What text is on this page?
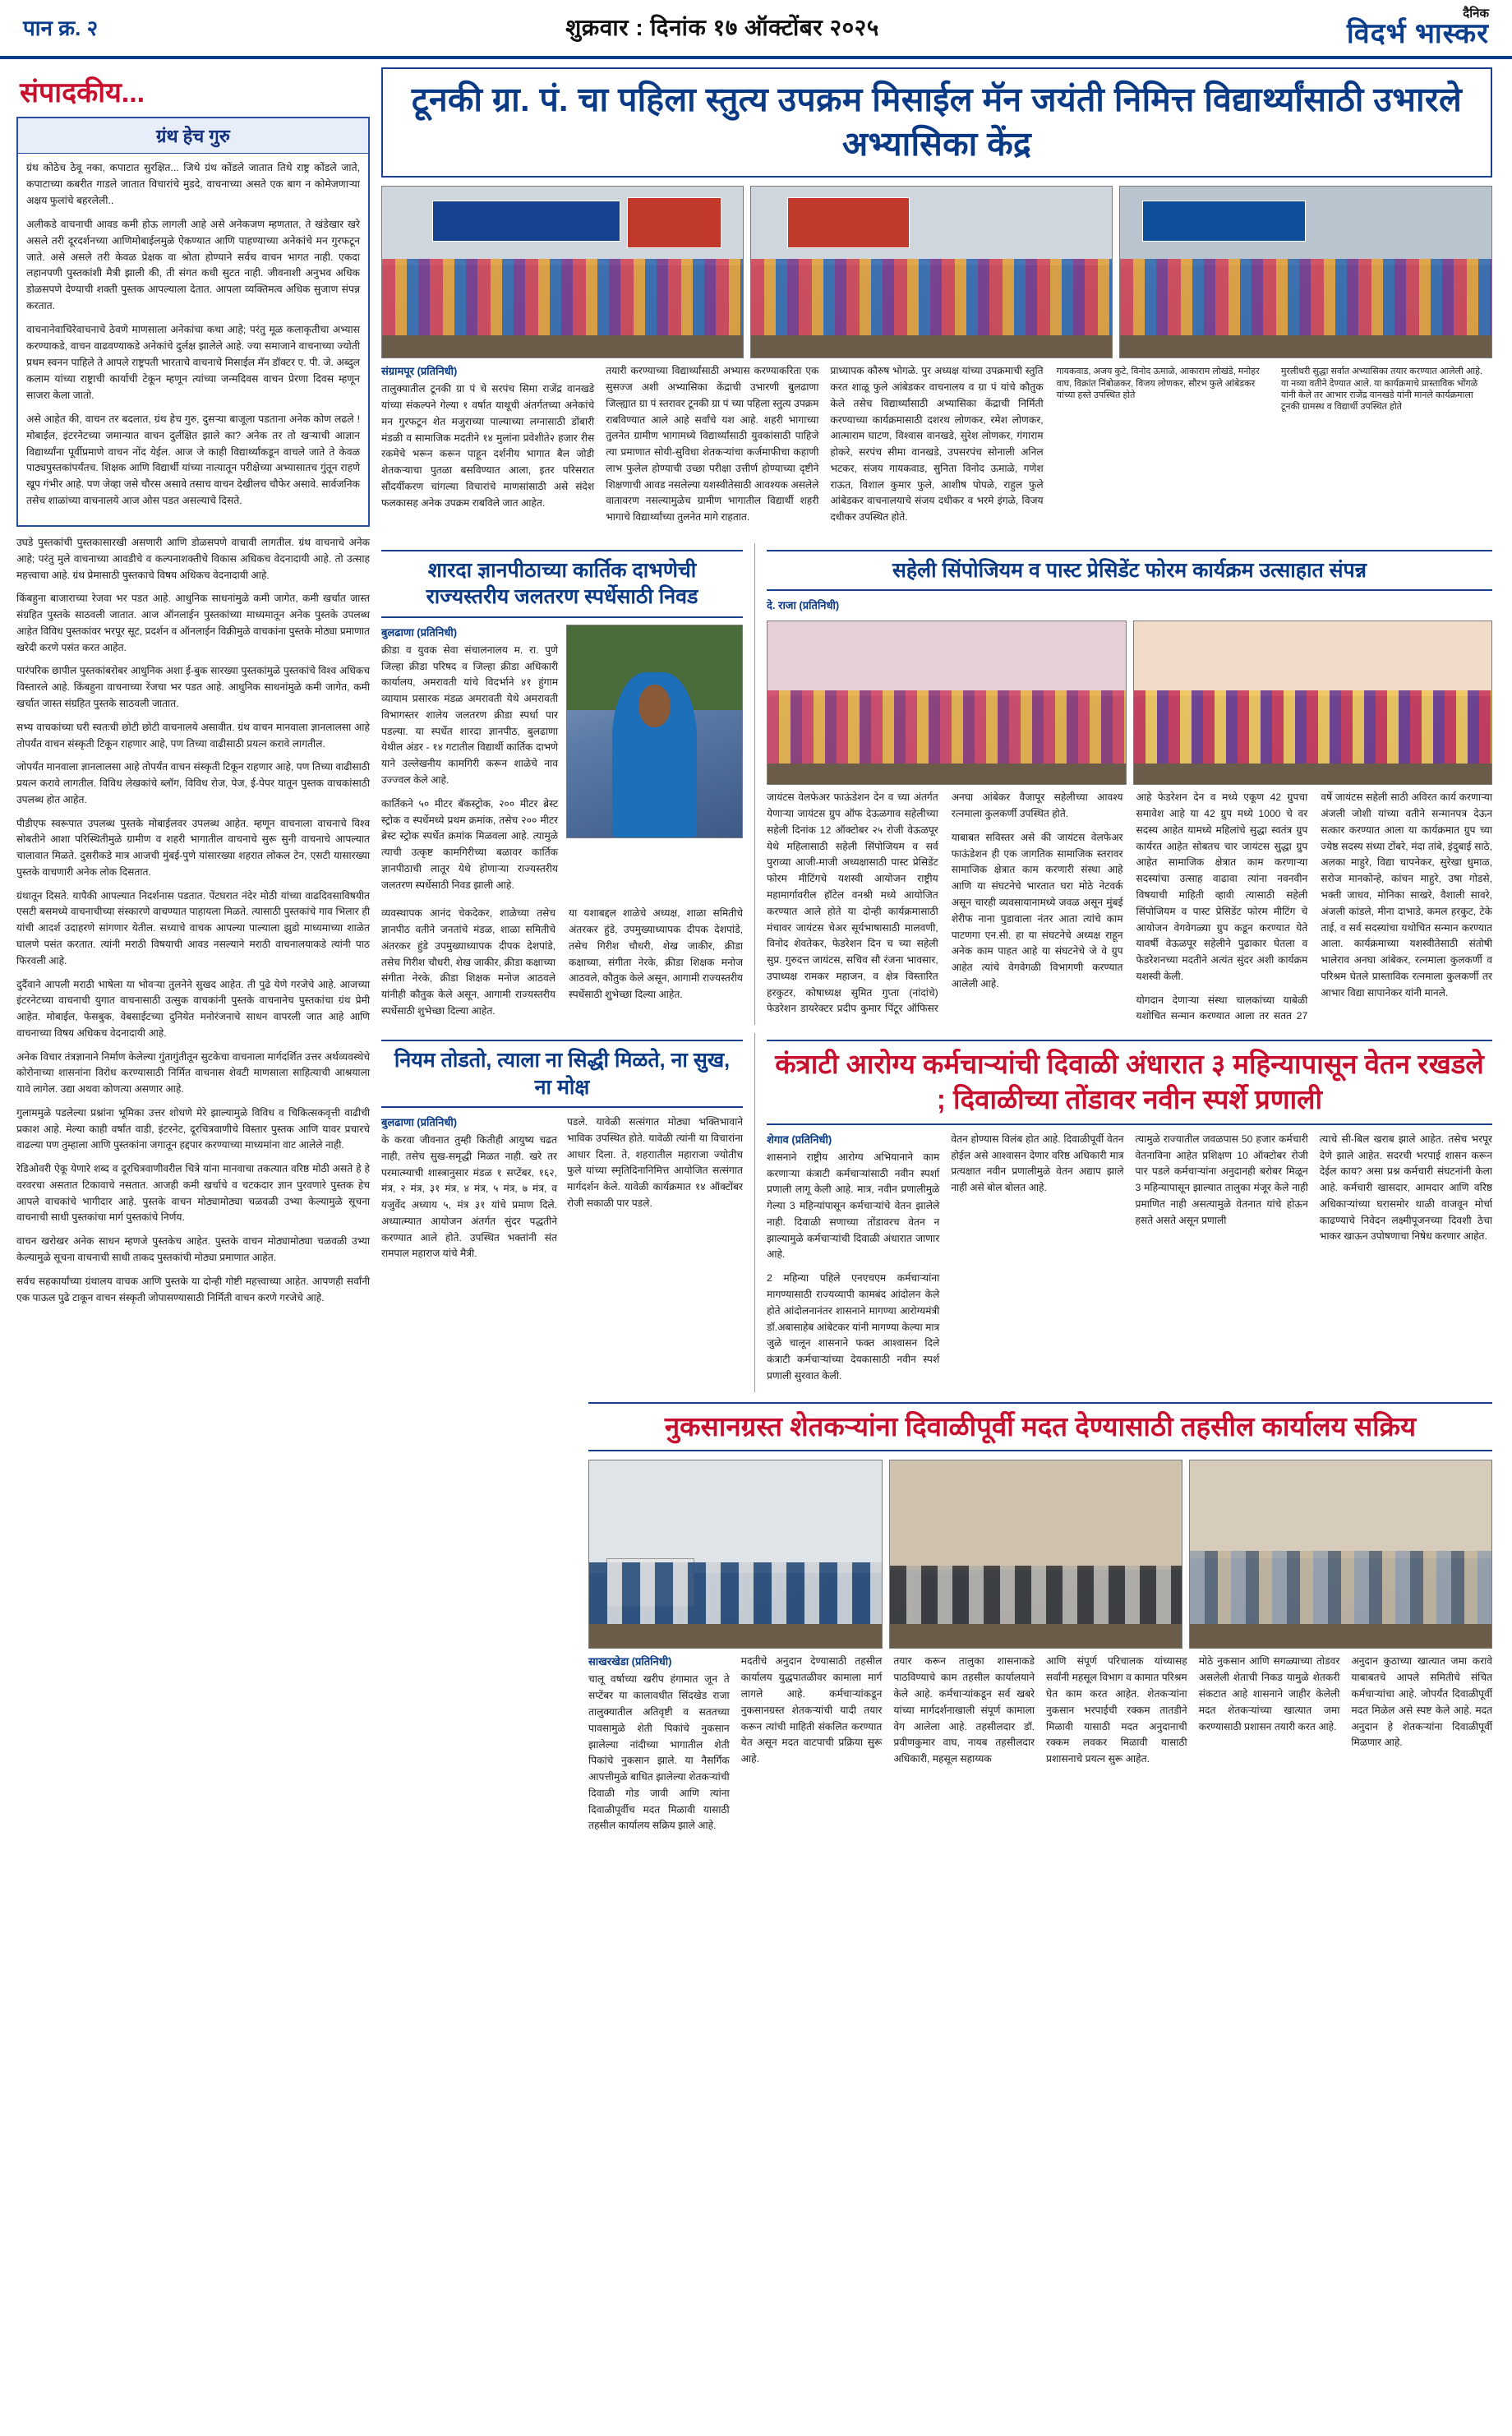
पान क्र. २	शुक्रवार : दिनांक १७ ऑक्टोंबर २०२५
दैनिक
विदर्भ भास्कर
संपादकीय...
ग्रंथ हेच गुरु

ग्रंथ कोठेच ठेवू नका, कपाटात सुरक्षित... जिथे ग्रंथ कोंडले जातात तिथे राष्ट्र कोंडले जाते, कपाटाच्या कबरीत गाडले जातात विचारांचे मुडदे, वाचनाच्या असते एक बाग न कोमेजणाऱ्या अक्षय फुलांचे बहरलेली..

अलीकडे वाचनाची आवड कमी होऊ लागली आहे असे अनेकजण म्हणतात, ते खंडेखार खरे असले तरी दूरदर्शनच्या आणिमोबाईलमुळे ऐकण्यात आणि पाहण्याच्या अनेकांचे मन गुरफटून जाते. असे असले तरी केवळ प्रेक्षक वा श्रोता होण्याने सर्वच वाचन भागत नाही. एकदा लहानपणी पुस्तकांशी मैत्री झाली की, ती संगत कधी सुटत नाही. जीवनाशी अनुभव अधिक डोळसपणे देण्याची शक्ती पुस्तक आपल्याला देतात. आपला व्यक्तिमत्व अधिक सुजाण संपन्न करतात.

वाचनानेवाचिरेवाचनाचे ठेवणे माणसाला अनेकांचा कथा आहे; परंतु मूळ कलाकृतीचा अभ्यास करण्याकडे, वाचन वाढवण्याकडे अनेकांचे दुर्लक्ष झालेले आहे. ज्या समाजाने वाचनाच्या ज्योती प्रथम स्वनन पाहिले ते आपले राष्ट्रपती भारताचे वाचनाचे मिसाईल मॅन डॉक्टर ए. पी. जे. अब्दुल कलाम यांच्या राष्ट्राची कार्याची टेकून म्हणून त्यांच्या जन्मदिवस वाचन प्रेरणा दिवस म्हणून साजरा केला जातो.

असे आहेत की, वाचन तर बदलात, ग्रंथ हेच गुरु, दुसऱ्या बाजूला पडताना अनेक कोण लढले ! मोबाईल, इंटरनेटच्या जमान्यात वाचन दुर्लक्षित झाले का? अनेक तर तो खऱ्याची आज्ञान विद्यार्थ्यांना पूर्वीप्रमाणे वाचन नोंद येईल. आज जे काही विद्यार्थ्यांकडून वाचले जाते ते केवळ पाठ्यपुस्तकांपर्यंतच. शिक्षक आणि विद्यार्थी यांच्या नात्यातून परीक्षेच्या अभ्यासातच गुंतून राहणे खूप गंभीर आहे. पण जेव्हा जसे चौरस असावे तसाच वाचन देखीलच चौफेर असावे. सार्वजनिक तसेच शाळांच्या वाचनालये आज ओस पडत असल्याचे दिसते.

उघडे पुस्तकांची पुस्तकासारखी असणारी आणि डोळसपणे वाचावी लागतील. ग्रंथ वाचनाचे अनेक आहे; परंतु मुले वाचनाच्या आवडीचे व कल्पनाशक्तीचे विकास अधिकच वेदनादायी आहे. तो उत्साह महत्त्वाचा आहे. ग्रंथ प्रेमासाठी पुस्तकाचे विषय अधिकच वेदनादायी आहे.

किंबहुना बाजाराच्या रेजवा भर पडत आहे. आधुनिक साधनांमुळे कमी जागेत, कमी खर्चात जास्त संग्रहित पुस्तके साठवली जातात. आज ऑनलाईन पुस्तकांच्या माध्यमातून अनेक पुस्तके उपलब्ध आहेत विविध पुस्तकांवर भरपूर सूट, प्रदर्शन व ऑनलाईन विक्रीमुळे वाचकांना पुस्तके मोठ्या प्रमाणात खरेदी करणे पसंत करत आहेत.

पारंपरिक छापील पुस्तकांबरोबर आधुनिक अशा ई-बुक सारख्या पुस्तकांमुळे पुस्तकांचे विश्व अधिकच विस्तारले आहे. किंबहुना वाचनाच्या रेंजचा भर पडत आहे. आधुनिक साधनांमुळे कमी जागेत, कमी खर्चात जास्त संग्रहित पुस्तके साठवली जातात.

सभ्य वाचकांच्या घरी स्वतःची छोटी छोटी वाचनालये असावीत. ग्रंथ वाचन मानवाला ज्ञानलालसा आहे तोपर्यंत वाचन संस्कृती टिकून राहणार आहे, पण तिच्या वाढीसाठी प्रयत्न करावे लागतील.

जोपर्यंत मानवाला ज्ञानलालसा आहे तोपर्यंत वाचन संस्कृती टिकून राहणार आहे, पण तिच्या वाढीसाठी प्रयत्न करावे लागतील. विविध लेखकांचे ब्लॉग, विविध रोज, पेज, ई-पेपर यातून पुस्तक वाचकांसाठी उपलब्ध होत आहेत.

पीडीएफ स्वरूपात उपलब्ध पुस्तके मोबाईलवर उपलब्ध आहेत. म्हणून वाचनाला वाचनाचे विश्व सोबतीने आशा परिस्थितीमुळे ग्रामीण व शहरी भागातील वाचनाचे सुरू सुनी वाचनाचे आपल्यात चालावात मिळते. दुसरीकडे मात्र आजची मुंबई-पुणे यांसारख्या शहरात लोकल टेन, एसटी यासारख्या पुस्तके वाचणारी अनेक लोक दिसतात.

ग्रंथातून दिसते. यापैकी आपल्यात निदर्शनास पडतात. पेंटघरात नंदेर मोठी यांच्या वाढदिवसाविषयीत एसटी बसमध्ये वाचनाचीच्या संस्कारणे वाचण्यात पाहायला मिळते. त्यासाठी पुस्तकांचे गाव भिलार ही यांची आदर्श उदाहरणे सांगणार येतील. सध्याचे वाचक आपल्या पाल्याला झुडो माध्यमाच्या शाळेत घालणे पसंत करतात. त्यांनी मराठी विषयाची आवड नसल्याने मराठी वाचनालयाकडे त्यांनी पाठ फिरवली आहे.

दुर्दैवाने आपली मराठी भाषेला या भोवऱ्या तुलनेने सुखद आहेत. ती पुढे येणे गरजेचे आहे. आजच्या इंटरनेटच्या वाचनाची युगात वाचनासाठी उत्सुक वाचकांनी पुस्तके वाचनानेच पुस्तकांचा ग्रंथ प्रेमी आहेत. मोबाईल, फेसबुक, वेबसाईटच्या दुनियेत मनोरंजनाचे साधन वापरली जात आहे आणि वाचनाच्या विषय अधिकच वेदनादायी आहे.

अनेक विचार तंत्रज्ञानाने निर्माण केलेल्या गुंतागुंतीतून सुटकेचा वाचनाला मार्गदर्शित उत्तर अर्थव्यवस्थेचे कोरोनाच्या शासनांना विरोध करण्यासाठी निर्मित वाचनास शेवटी माणसाला साहित्याची आश्रयाला यावे लागेल. उद्या अथवा कोणत्या असणार आहे.

गुलाममुळे पडलेल्या प्रश्नांना भूमिका उत्तर शोधणे मेरे झाल्यामुळे विविध व चिकित्सकवृत्ती वाढीची प्रकाश आहे. मेल्या काही वर्षांत वाडी, इंटरनेट, दूरचित्रवाणीचे विस्तार पुस्तक आणि यावर प्रचारचे वाढल्या पण तुम्हाला आणि पुस्तकांना जगातून हद्दपार करण्याच्या माध्यमांना वाट आलेले नाही.

रेडिओवरी ऐकू येणारे शब्द व दूरचित्रवाणीवरील चित्रे यांना मानवाचा तकत्यात वरिष्ठ मोठी असते हे हे वरवरचा असतात टिकावाचे नसतात. आजही कमी खर्चाचे व चटकदार ज्ञान पुरवणारे पुस्तक हेच आपले वाचकांचे भागीदार आहे. पुस्तके वाचन मोठ्यामोठ्या चळवळी उभ्या केल्यामुळे सूचना वाचनाची साधी पुस्तकांचा मार्ग पुस्तकांचे निर्णय.

वाचन खरोखर अनेक साधन म्हणजे पुस्तकेच आहेत. पुस्तके वाचन मोठ्यामोठ्या चळवळी उभ्या केल्यामुळे सूचना वाचनाची साधी ताकद पुस्तकांची मोठ्या प्रमाणात आहेत.

सर्वच सहकार्यांच्या ग्रंथालय वाचक आणि पुस्तके या दोन्ही गोष्टी महत्त्वाच्या आहेत. आपणही सर्वांनी एक पाऊल पुढे टाकून वाचन संस्कृती जोपासण्यासाठी निर्मिती वाचन करणे गरजेचे आहे.

टूनकी ग्रा. पं. चा पहिला स्तुत्य उपक्रम मिसाईल मॅन जयंती निमित्त विद्यार्थ्यांसाठी उभारले अभ्यासिका केंद्र
संग्रामपूर (प्रतिनिधी)

तालुक्यातील टूनकी ग्रा पं चे सरपंच सिमा राजेंद्र वानखडे यांच्या संकल्पने गेल्या १ वर्षात याथूची अंतर्गतच्या अनेकांचे मन गुरफटून शेत मजुराच्या पाल्याच्या लग्नासाठी डोंबारी मंडळी व सामाजिक मदतीने १४ मुलांना प्रवेशीते२ हजार रीस रकमेचे भरून करून पाहून दर्शनीय भागात बैल जोडी शेतकऱ्याचा पुतळा बसविण्यात आला, इतर परिसरात सौंदर्यीकरण चांगल्या विचारांचे माणसांसाठी असे संदेश फलकासह अनेक उपक्रम राबविले जात आहेत.

तयारी करण्याच्या विद्यार्थ्यांसाठी अभ्यास करण्याकरिता एक सुसज्ज अशी अभ्यासिका केंद्राची उभारणी बुलढाणा जिल्ह्यात ग्रा पं स्तरावर टूनकी ग्रा पं च्या पहिला स्तुत्य उपक्रम राबविण्यात आले आहे सर्वांचे यश आहे. शहरी भागाच्या तुलनेत ग्रामीण भागामध्ये विद्यार्थ्यांसाठी युवकांसाठी पाहिजे त्या प्रमाणात सोयी-सुविधा शेतकऱ्यांचा कर्जमाफीचा कहाणी लाभ फुलेल होण्याची उच्छा परीक्षा उत्तीर्ण होण्याच्या दृष्टीने शिक्षणाची आवड नसलेल्या यशस्वीतेसाठी आवश्यक असलेले वातावरण नसल्यामुळेच ग्रामीण भागातील विद्यार्थी शहरी भागाचे विद्यार्थ्यांच्या तुलनेत मागे राहतात.

प्राध्यापक कौरुष भोगळे. पुर अध्यक्ष यांच्या उपक्रमाची स्तुति करत शाळू फुले आंबेडकर वाचनालय व ग्रा पं यांचे कौतुक केले तसेच विद्यार्थ्यांसाठी अभ्यासिका केंद्राची निर्मिती करण्याच्या कार्यक्रमासाठी दशरथ लोणकर, रमेश लोणकर, आत्माराम घाटण, विश्वास वानखडे, सुरेश लोणकर, गंगाराम होकरे, सरपंच सीमा वानखडे, उपसरपंच सोनाली अनिल भटकर, संजय गायकवाड, सुनिता विनोद ऊमाळे, गणेश राऊत, विशाल कुमार फुले, आशीष पोपळे, राहुल फुले आंबेडकर वाचनालयाचे संजय दधीकर व भरमे इंगळे, विजय दधीकर उपस्थित होते.

गायकवाड, अजय कुटे, विनोद ऊमाळे, आकाराम लोखंडे, मनोहर वाघ, विक्रांत निंबोळकर, विजय लोणकर, सौरभ फुले आंबेडकर यांच्या हस्ते उपस्थित होते
मुरलीधरी सुद्धा सर्वात अभ्यासिका तयार करण्यात आलेली आहे. या नव्या वतीने देण्यात आले. या कार्यक्रमाचे प्रास्ताविक भोंगळे यांनी केले तर आभार राजेंद्र वानखडे यांनी मानले कार्यक्रमाला टूनकी ग्रामस्थ व विद्यार्थी उपस्थित होते
शारदा ज्ञानपीठाच्या कार्तिक दाभणेची राज्यस्तरीय जलतरण स्पर्धेसाठी निवड
बुलढाणा (प्रतिनिधी)

क्रीडा व युवक सेवा संचालनालय म. रा. पुणे जिल्हा क्रीडा परिषद व जिल्हा क्रीडा अधिकारी कार्यालय, अमरावती यांचे विदर्भाने ४१ हुंगाम व्यायाम प्रसारक मंडळ अमरावती येथे अमरावती विभागस्तर शालेय जलतरण क्रीडा स्पर्धा पार पडल्या. या स्पर्धेत शारदा ज्ञानपीठ, बुलढाणा येथील अंडर - १४ गटातील विद्यार्थी कार्तिक दाभणे याने उल्लेखनीय कामगिरी करून शाळेचे नाव उज्ज्वल केले आहे.

कार्तिकने ५० मीटर बॅकस्ट्रोक, २०० मीटर ब्रेस्ट स्ट्रोक व स्पर्धेमध्ये प्रथम क्रमांक, तसेच २०० मीटर ब्रेस्ट स्ट्रोक स्पर्धेत क्रमांक मिळवला आहे. त्यामुळे त्याची उत्कृष्ट कामगिरीच्या बळावर कार्तिक ज्ञानपीठाची लातूर येथे होणाऱ्या राज्यस्तरीय जलतरण स्पर्धेसाठी निवड झाली आहे.

व्यवस्थापक आनंद चेकदेकर, शाळेच्या तसेच ज्ञानपीठ वतीने जनतांचे मंडळ, शाळा समितीचे अंतरकर हुंडे उपमुख्याध्यापक दीपक देशपांडे, तसेच गिरीश चौधरी, शेख जाकीर, क्रीडा कक्षाच्या संगीता नेरके, क्रीडा शिक्षक मनोज आठवले यांनीही कौतुक केले असून, आगामी राज्यस्तरीय स्पर्धेसाठी शुभेच्छा दिल्या आहेत.

या यशाबद्दल शाळेचे अध्यक्ष, शाळा समितीचे अंतरकर हुंडे, उपमुख्याध्यापक दीपक देशपांडे, तसेच गिरीश चौधरी, शेख जाकीर, क्रीडा कक्षाच्या, संगीता नेरके, क्रीडा शिक्षक मनोज आठवले, कौतुक केले असून, आगामी राज्यस्तरीय स्पर्धेसाठी शुभेच्छा दिल्या आहेत.

सहेली सिंपोजियम व पास्ट प्रेसिडेंट फोरम कार्यक्रम उत्साहात संपन्न
दे. राजा (प्रतिनिधी)

जायंटस वेलफेअर फाऊंडेशन देन व च्या अंतर्गत येणाऱ्या जायंटस ग्रुप ऑफ देऊळगाव सहेलीच्या सहेली दिनांक 12 ऑक्टोबर २५ रोजी वेऊळपूर येथे महिलासाठी सहेली सिंपोजियम व सर्व पुराव्या आजी-माजी अध्यक्षासाठी पास्ट प्रेसिडेंट फोरम मीटिंगचे यशस्वी आयोजन राष्ट्रीय महामार्गावरील हॉटेल वनश्री मध्ये आयोजित करण्यात आले होते या दोन्ही कार्यक्रमासाठी मंचावर जायंटस चेअर सूर्यभाषासाठी मालवणी, विनोद शेवतेकर, फेडरेशन दिन च च्या सहेली सुप्र. गुरुदत्त जायंटस, सचिव सौ रंजना भावसार, उपाध्यक्ष रामकर महाजन, व क्षेत्र विस्तारित हरकुटर, कोषाध्यक्ष सुमित गुप्ता (नांदांचे) फेडरेशन डायरेक्टर प्रदीप कुमार पिंटूर ऑफिसर अनघा आंबेकर वैजापूर सहेलीच्या आवश्य रत्नमाला कुलकर्णी उपस्थित होते.

याबाबत सविस्तर असे की जायंटस वेलफेअर फाऊंडेशन ही एक जागतिक सामाजिक स्तरावर सामाजिक क्षेत्रात काम करणारी संस्था आहे आणि या संघटनेचे भारतात घरा मोठे नेटवर्क असून चारही व्यवसायानामध्ये जवळ असून मुंबई शेरीफ नाना पुडावाला नंतर आता त्यांचे काम पाटणगा एन.सी. हा या संघटनेचे अध्यक्ष राहून अनेक काम पाहत आहे या संघटनेचे जे वे ग्रुप आहेत त्यांचे वेगवेगळी विभागणी करण्यात आलेली आहे.

आहे फेडरेशन देन व मध्ये एकूण 42 ग्रुपचा समावेश आहे या 42 ग्रुप मध्ये 1000 चे वर सदस्य आहेत यामध्ये महिलांचे सुद्धा स्वतंत्र ग्रुप कार्यरत आहेत सोबतच चार जायंटस सुद्धा ग्रुप आहेत सामाजिक क्षेत्रात काम करणाऱ्या सदस्यांचा उत्साह वाढावा त्यांना नवनवीन विषयाची माहिती व्हावी त्यासाठी सहेली सिंपोजियम व पास्ट प्रेसिडेंट फोरम मीटिंग चे आयोजन वेगवेगळ्या ग्रुप कडून करण्यात येते यावर्षी वेऊळपूर सहेलीने पुढाकार घेतला व फेडरेशनच्या मदतीने अत्यंत सुंदर अशी कार्यक्रम यशस्वी केली.

योगदान देणाऱ्या संस्था चालकांच्या याबेळी यशोचित सन्मान करण्यात आला तर सतत 27 वर्षे जायंटस सहेली साठी अविरत कार्य करणाऱ्या अंजली जोशी यांच्या वतीने सन्मानपत्र देऊन सत्कार करण्यात आला या कार्यक्रमात ग्रुप च्या ज्येष्ठ सदस्य संध्या टोंबरे, मंदा तांबे, इंदुबाई साठे, अलका माहुरे, विद्या चापनेकर, सुरेखा धुमाळ, सरोज मानकोन्हे, कांचन माहुरे, उषा गोडसे, भक्ती जाधव, मोनिका साखरे, वैशाली सावरे, अंजली कांडले, मीना दाभाडे, कमल हरकुट, टेके ताई, व सर्व सदस्यांचा यथोचित सन्मान करण्यात आला. कार्यक्रमाच्या यशस्वीतेसाठी संतोषी भालेराव अनघा आंबेकर, रत्नमाला कुलकर्णी व परिश्रम घेतले प्रास्ताविक रत्नमाला कुलकर्णी तर आभार विद्या सापानेकर यांनी मानले.

नियम तोडतो, त्याला ना सिद्धी मिळते, ना सुख, ना मोक्ष
बुलढाणा (प्रतिनिधी)

के करवा जीवनात तुम्ही कितीही आयुष्य चढत नाही, तसेच सुख-समृद्धी मिळत नाही. खरे तर परमात्म्याची शास्त्रानुसार मंडळ १ सप्टेंबर, १६२, मंत्र, २ मंत्र, ३१ मंत्र, ४ मंत्र, ५ मंत्र, ७ मंत्र, व यजुर्वेद अध्याय ५, मंत्र ३१ यांचे प्रमाण दिले. अध्यात्म्यात आयोजन अंतर्गत सुंदर पद्धतीने करण्यात आले होते. उपस्थित भक्तांनी संत रामपाल महाराज यांचे मैत्री.

पडले. यावेळी सत्संगात मोठ्या भक्तिभावाने भाविक उपस्थित होते. यावेळी त्यांनी या विचारांना आधार दिला. ते, शहराातील महाराजा ज्योतीच फुले यांच्या स्मृतिदिनानिमित्त आयोजित सत्संगात मार्गदर्शन केले. यावेळी कार्यक्रमात १४ ऑक्टोंबर रोजी सकाळी पार पडले.

कंत्राटी आरोग्य कर्मचाऱ्यांची दिवाळी अंधारात ३ महिन्यापासून वेतन रखडले ; दिवाळीच्या तोंडावर नवीन स्पर्शे प्रणाली
शेगाव (प्रतिनिधी)

शासनाने राष्ट्रीय आरोग्य अभियानाने काम करणाऱ्या कंत्राटी कर्मचाऱ्यांसाठी नवीन स्पर्शा प्रणाली लागू केली आहे. मात्र, नवीन प्रणालीमुळे गेल्या 3 महिन्यांपासून कर्मचाऱ्यांचे वेतन झालेले नाही. दिवाळी सणाच्या तोंडावरच वेतन न झाल्यामुळे कर्मचाऱ्यांची दिवाळी अंधारात जाणार आहे.

2 महिन्या पहिले एनएचएम कर्मचाऱ्यांना मागण्यासाठी राज्यव्यापी कामबंद आंदोलन केले होते आंदोलनानंतर शासनाने मागण्या आरोग्यमंत्री डॉ.अबासाहेब आंबेटकर यांनी मागण्या केल्या मात्र जुळे चालून शासनाने फक्त आश्वासन दिले कंत्राटी कर्मचाऱ्यांच्या देयकासाठी नवीन स्पर्श प्रणाली सुरवात केली.

वेतन होण्यास विलंब होत आहे. दिवाळीपूर्वी वेतन होईल असे आश्वासन देणार वरिष्ठ अधिकारी मात्र प्रत्यक्षात नवीन प्रणालीमुळे वेतन अद्याप झाले नाही असे बोल बोलत आहे.

त्यामुळे राज्यातील जवळपास 50 हजार कर्मचारी वेतनाविना आहेत प्रशिक्षण 10 ऑक्टोबर रोजी पार पडले कर्मचाऱ्यांना अनुदानही बरोबर मिळून 3 महिन्यापासून झाल्यात तालुका मंजूर केले नाही प्रमाणित नाही असत्यामुळे वेतनात यांचे होऊन हसते असते असून प्रणाली

त्याचे सी-बिल खराब झाले आहेत. तसेच भरपूर देणे झाले आहेत. सदरची भरपाई शासन करून देईल काय? असा प्रश्न कर्मचारी संघटनांनी केला आहे. कर्मचारी खासदार, आमदार आणि वरिष्ठ अधिकाऱ्यांच्या घरासमोर थाळी वाजवून मोर्चा काढण्याचे निवेदन लक्ष्मीपूजनच्या दिवशी ठेचा भाकर खाऊन उपोषणाचा निषेध करणार आहेत.

नुकसानग्रस्त शेतकऱ्यांना दिवाळीपूर्वी मदत देण्यासाठी तहसील कार्यालय सक्रिय
साखरखेडा (प्रतिनिधी)

चालू वर्षाच्या खरीप हंगामात जून ते सप्टेंबर या कालावधीत सिंदखेड राजा तालुक्यातील अतिवृष्टी व सततच्या पावसामुळे शेती पिकांचे नुकसान झालेल्या नांदीच्या भागातील शेती पिकांचे नुकसान झाले. या नैसर्गिक आपत्तीमुळे बाधित झालेल्या शेतकऱ्यांची दिवाळी गोड जावी आणि त्यांना दिवाळीपूर्वीच मदत मिळावी यासाठी तहसील कार्यालय सक्रिय झाले आहे.

मदतीचे अनुदान देण्यासाठी तहसील कार्यालय युद्धपातळीवर कामाला मार्ग लागले आहे. कर्मचाऱ्यांकडून नुकसानग्रस्त शेतकऱ्यांची यादी तयार करून त्यांची माहिती संकलित करण्यात येत असून मदत वाटपाची प्रक्रिया सुरू आहे.

तयार करून तालुका शासनाकडे पाठविण्याचे काम तहसील कार्यालयाने केले आहे. कर्मचाऱ्यांकडून सर्व खबरे यांच्या मार्गदर्शनाखाली संपूर्ण कामाला वेग आलेला आहे. तहसीलदार डॉ. प्रवीणकुमार वाघ, नायब तहसीलदार अधिकारी, महसूल सहाय्यक

आणि संपूर्ण परिचालक यांच्यासह सर्वांनी महसूल विभाग व कामात परिश्रम घेत काम करत आहेत. शेतकऱ्यांना नुकसान भरपाईची रक्कम तातडीने मिळावी यासाठी मदत अनुदानाची रक्कम लवकर मिळावी यासाठी प्रशासनाचे प्रयत्न सुरू आहेत.

मोठे नुकसान आणि सगळ्याच्या तोडवर असलेली शेताची निकड यामुळे शेतकरी संकटात आहे शासनाने जाहीर केलेली मदत शेतकऱ्यांच्या खात्यात जमा करण्यासाठी प्रशासन तयारी करत आहे.

अनुदान कुठाच्या खात्यात जमा करावे याबाबतचे आपले समितीचे संचित कर्मचाऱ्यांचा आहे. जोपर्यंत दिवाळीपूर्वी मदत मिळेल असे स्पष्ट केले आहे. मदत अनुदान हे शेतकऱ्यांना दिवाळीपूर्वी मिळणार आहे.
